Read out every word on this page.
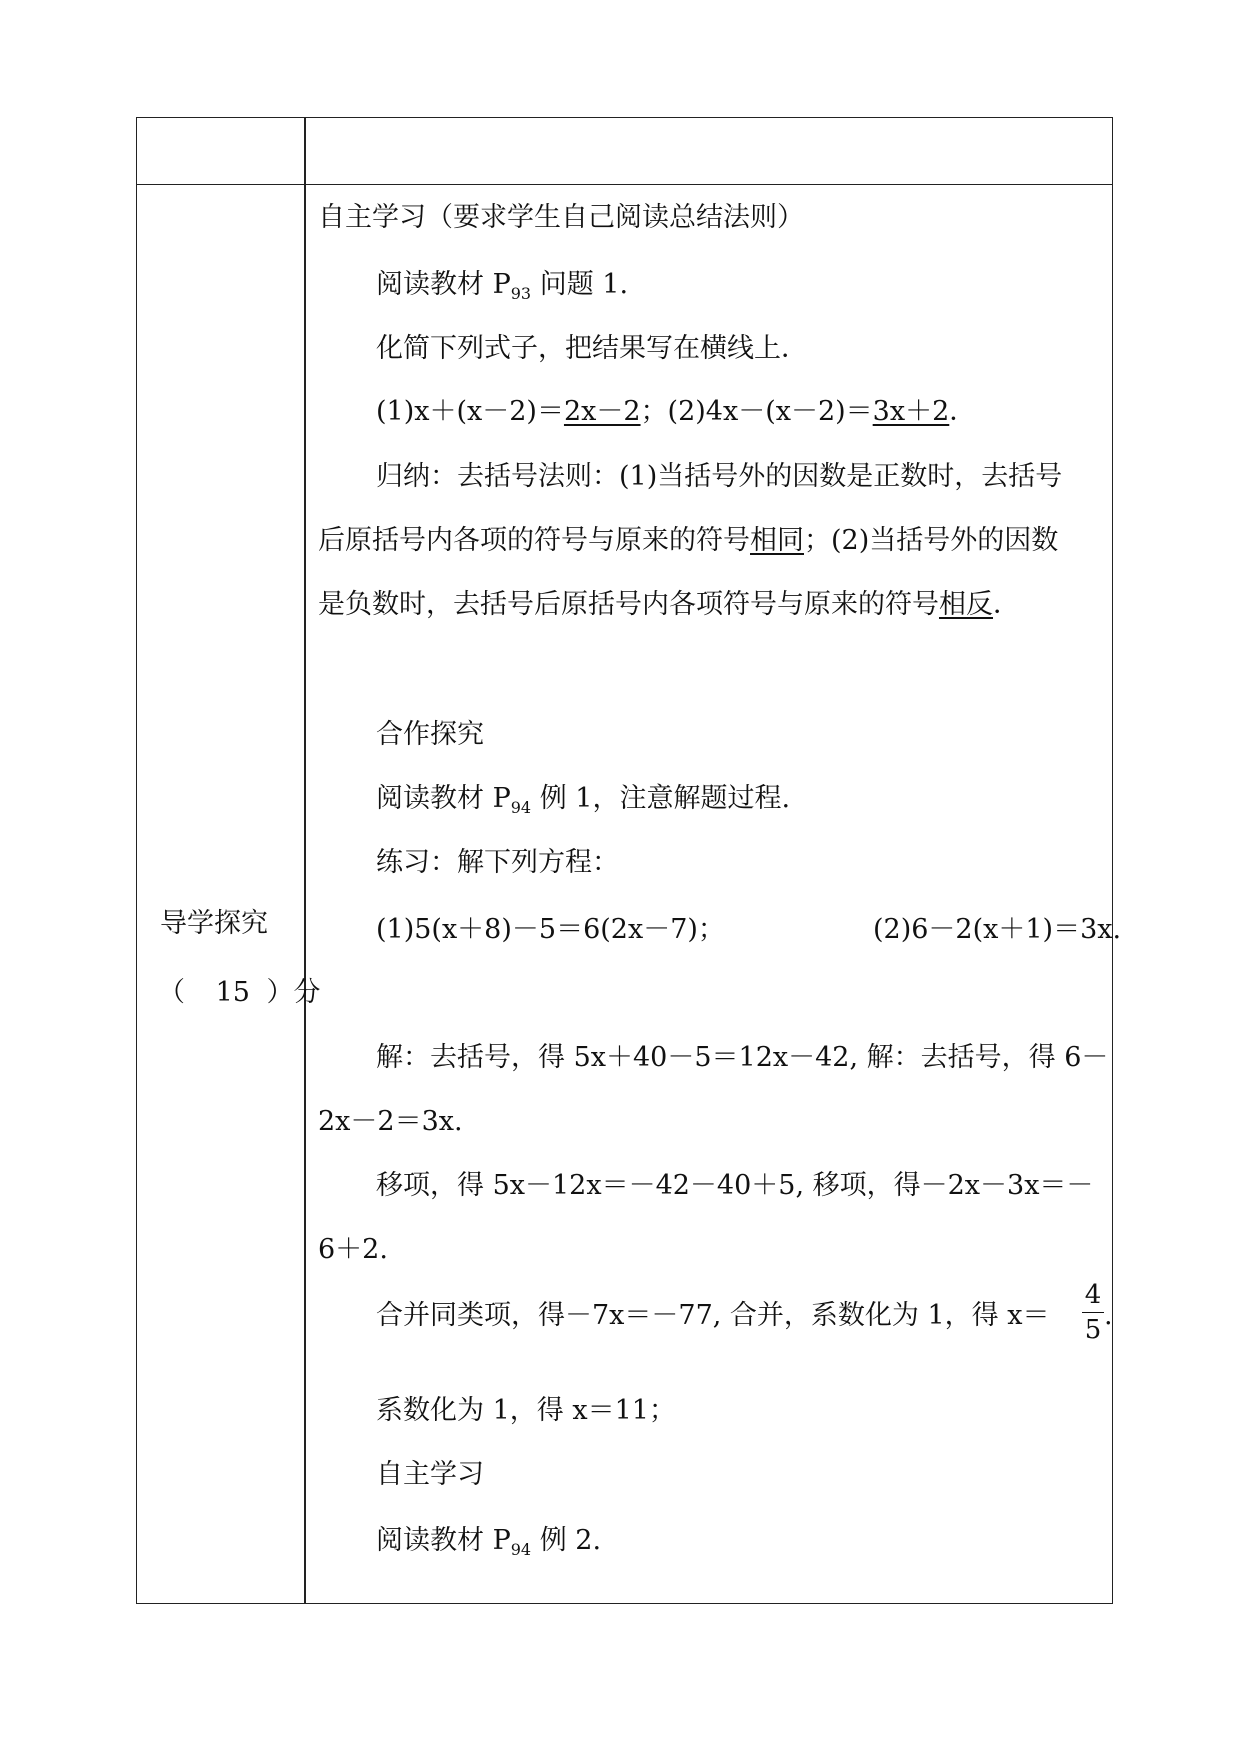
导学探究
（ 15 ）分
自主学习（要求学生自己阅读总结法则）
阅读教材 $P_{93}$ 问题 1.
化简下列式子，把结果写在横线上．
(1)x＋(x－2)＝2x－2；(2)4x－(x－2)＝3x＋2．
归纳：去括号法则：(1)当括号外的因数是正数时，去括号
后原括号内各项的符号与原来的符号相同；(2)当括号外的因数
是负数时，去括号后原括号内各项符号与原来的符号相反．
合作探究
阅读教材 $P_{94}$ 例 1，注意解题过程.
练习：解下列方程：
(1)5(x＋8)－5＝6(2x－7)；	(2)6－2(x＋1)＝3x.
解：去括号，得 5x＋40－5＝12x－42, 解：去括号，得 6－
2x－2＝3x.
移项，得 5x－12x＝－42－40＋5, 移项，得－2x－3x＝－
6＋2.
合并同类项，得－7x＝－77, 合并，系数化为 1，得 x＝
4
5 .
系数化为 1，得 x＝11；
自主学习
阅读教材 $P_{94}$ 例 2.
